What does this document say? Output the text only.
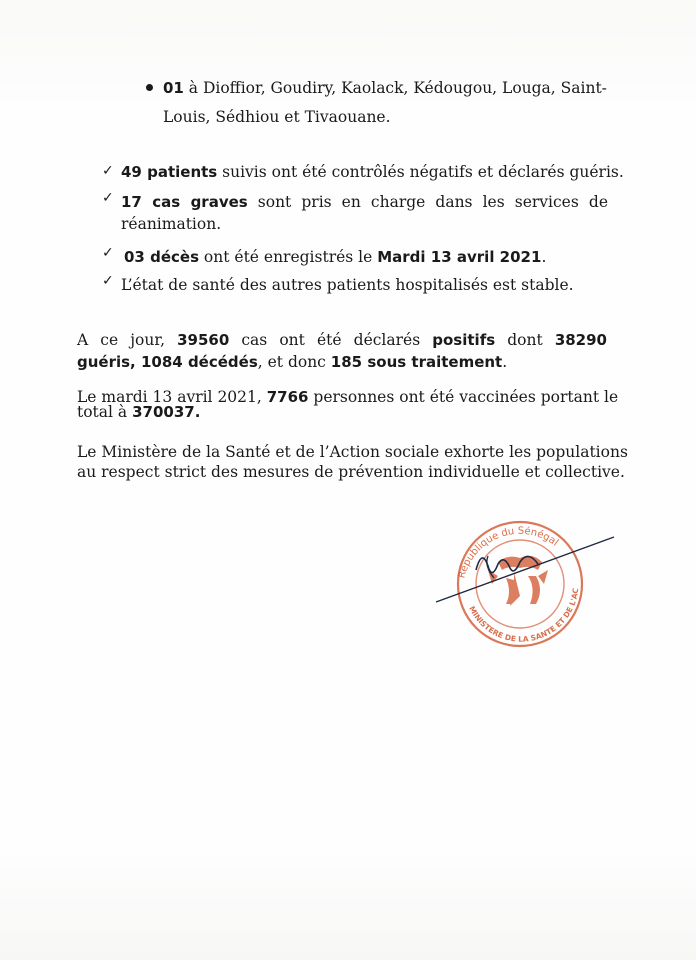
01 à Dioffior, Goudiry, Kaolack, Kédougou, Louga, Saint-
Louis, Sédhiou et Tivaouane.
✓ 49 patients suivis ont été contrôlés négatifs et déclarés guéris.
✓ 17 cas graves sont pris en charge dans les services de
réanimation.
✓ 03 décès ont été enregistrés le Mardi 13 avril 2021.
✓ L’état de santé des autres patients hospitalisés est stable.
A ce jour, 39560 cas ont été déclarés positifs dont 38290
guéris, 1084 décédés, et donc 185 sous traitement.
Le mardi 13 avril 2021, 7766 personnes ont été vaccinées portant le
total à 370037.
Le Ministère de la Santé et de l’Action sociale exhorte les populations
au respect strict des mesures de prévention individuelle et collective.
République du Sénégal
MINISTERE DE LA SANTE ET DE L'AC
